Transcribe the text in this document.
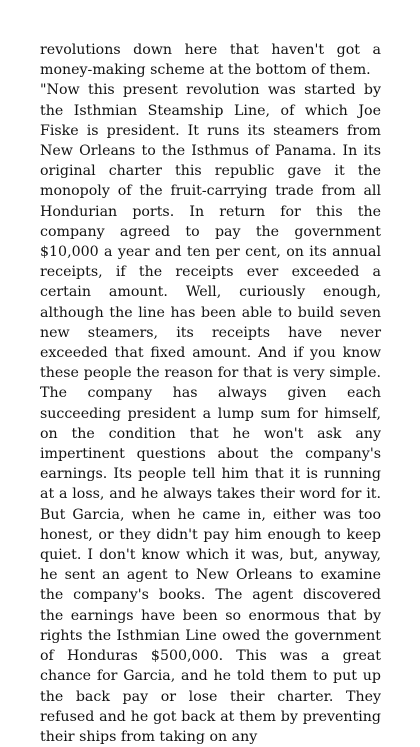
revolutions down here that haven't got a money-making scheme at the bottom of them.

"Now this present revolution was started by the Isthmian Steamship Line, of which Joe Fiske is president. It runs its steamers from New Orleans to the Isthmus of Panama. In its original charter this republic gave it the monopoly of the fruit-carrying trade from all Hondurian ports. In return for this the company agreed to pay the government $10,000 a year and ten per cent, on its annual receipts, if the receipts ever exceeded a certain amount. Well, curiously enough, although the line has been able to build seven new steamers, its receipts have never exceeded that fixed amount. And if you know these people the reason for that is very simple. The company has always given each succeeding president a lump sum for himself, on the condition that he won't ask any impertinent questions about the company's earnings. Its people tell him that it is running at a loss, and he always takes their word for it. But Garcia, when he came in, either was too honest, or they didn't pay him enough to keep quiet. I don't know which it was, but, anyway, he sent an agent to New Orleans to examine the company's books. The agent discovered the earnings have been so enormous that by rights the Isthmian Line owed the government of Honduras $500,000. This was a great chance for Garcia, and he told them to put up the back pay or lose their charter. They refused and he got back at them by preventing their ships from taking on any
